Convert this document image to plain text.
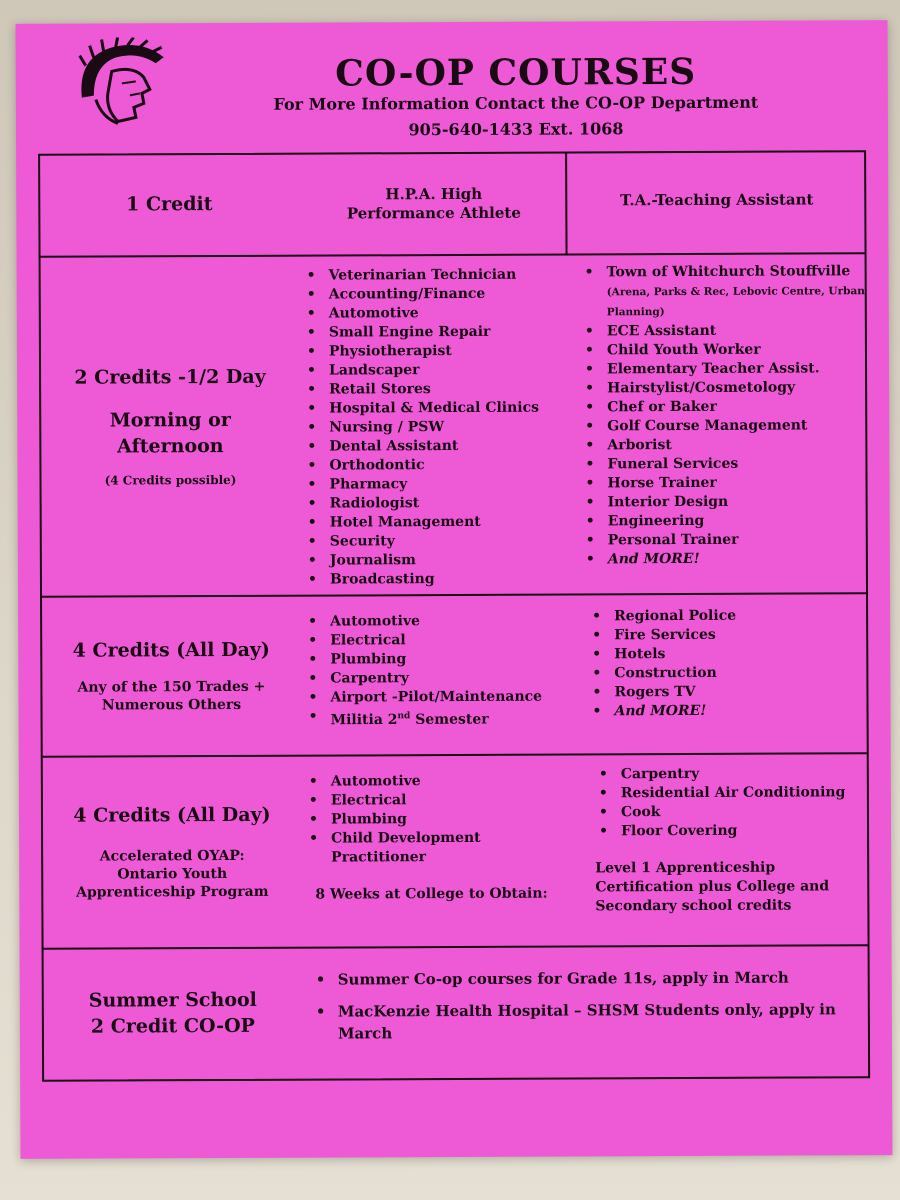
CO-OP COURSES
For More Information Contact the CO-OP Department
905-640-1433 Ext. 1068
1 Credit	H.P.A. High Performance Athlete
T.A.-Teaching Assistant
2 Credits -1/2 Day
Morning or Afternoon
(4 Credits possible)
• Veterinarian Technician
• Accounting/Finance
• Automotive
• Small Engine Repair
• Physiotherapist
• Landscaper
• Retail Stores
• Hospital & Medical Clinics
• Nursing / PSW
• Dental Assistant
• Orthodontic
• Pharmacy
• Radiologist
• Hotel Management
• Security
• Journalism
• Broadcasting
• Town of Whitchurch Stouffville (Arena, Parks & Rec, Lebovic Centre, Urban Planning)
• ECE Assistant
• Child Youth Worker
• Elementary Teacher Assist.
• Hairstylist/Cosmetology
• Chef or Baker
• Golf Course Management
• Arborist
• Funeral Services
• Horse Trainer
• Interior Design
• Engineering
• Personal Trainer
• And MORE!
4 Credits (All Day)
Any of the 150 Trades + Numerous Others
• Automotive
• Electrical
• Plumbing
• Carpentry
• Airport -Pilot/Maintenance
• Militia 2nd Semester
• Regional Police
• Fire Services
• Hotels
• Construction
• Rogers TV
• And MORE!
4 Credits (All Day)
Accelerated OYAP: Ontario Youth Apprenticeship Program
• Automotive
• Electrical
• Plumbing
• Child Development Practitioner
8 Weeks at College to Obtain:
• Carpentry
• Residential Air Conditioning
• Cook
• Floor Covering
Level 1 Apprenticeship Certification plus College and Secondary school credits
Summer School 2 Credit CO-OP
• Summer Co-op courses for Grade 11s, apply in March
• MacKenzie Health Hospital – SHSM Students only, apply in March
